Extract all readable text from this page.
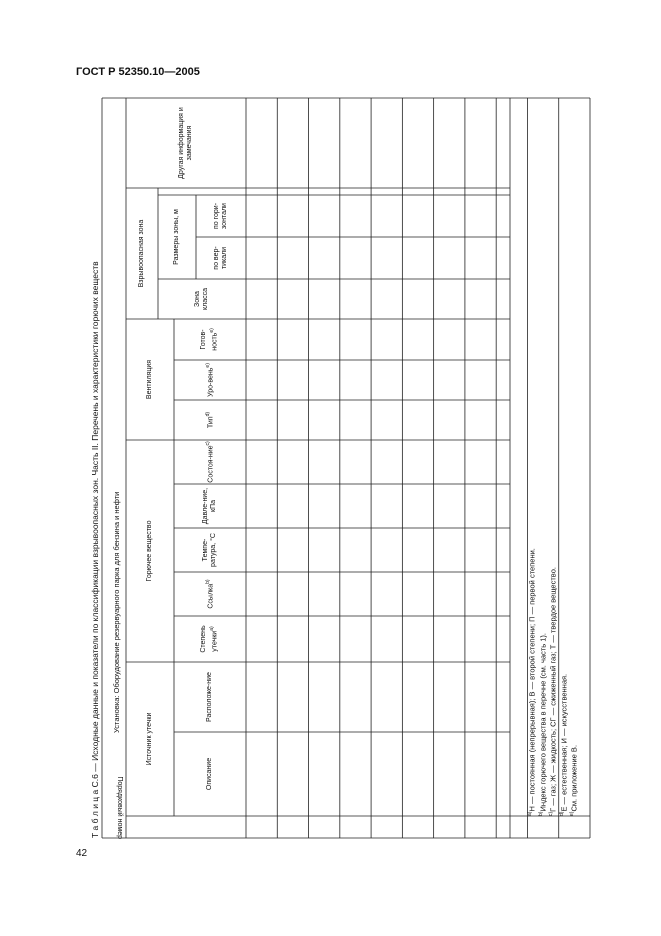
ГОСТ Р 52350.10—2005
Т а б л и ц а С.6 — Исходные данные и показатели по классификации взрывоопасных зон. Часть II. Перечень и характеристики горючих веществ Установка: Оборудование резервуарного парка для бензина и нефти
Порядковый номер
Источник утечки
Горючее вещество
Вентиляция
Взрывоопасная зона
Другая информация и замечания
Описание
Расположе-ние
Степень утечки$^{a)}$
Ссылка$^{b)}$
Темпе-ратура, °С
Давле-ние, кПа
Состоя-ние$^{c)}$
Тип$^{d)}$
Уро-вень$^{e)}$
Готов-ность$^{e)}$
Зона класса
Размеры зоны, м	по вер-тикали
по гори-зонтали
$^{a)}$Н — постоянная (непрерывная); В — второй степени; П — первой степени.
$^{b)}$Индекс горючего вещества в перечне (см. часть 1).
$^{c)}$Г — газ; Ж — жидкость; СГ — сжиженный газ; Т — твердое вещество.
$^{d)}$Е — естественная; И — искусственная.
$^{e)}$См. приложение В.
42
